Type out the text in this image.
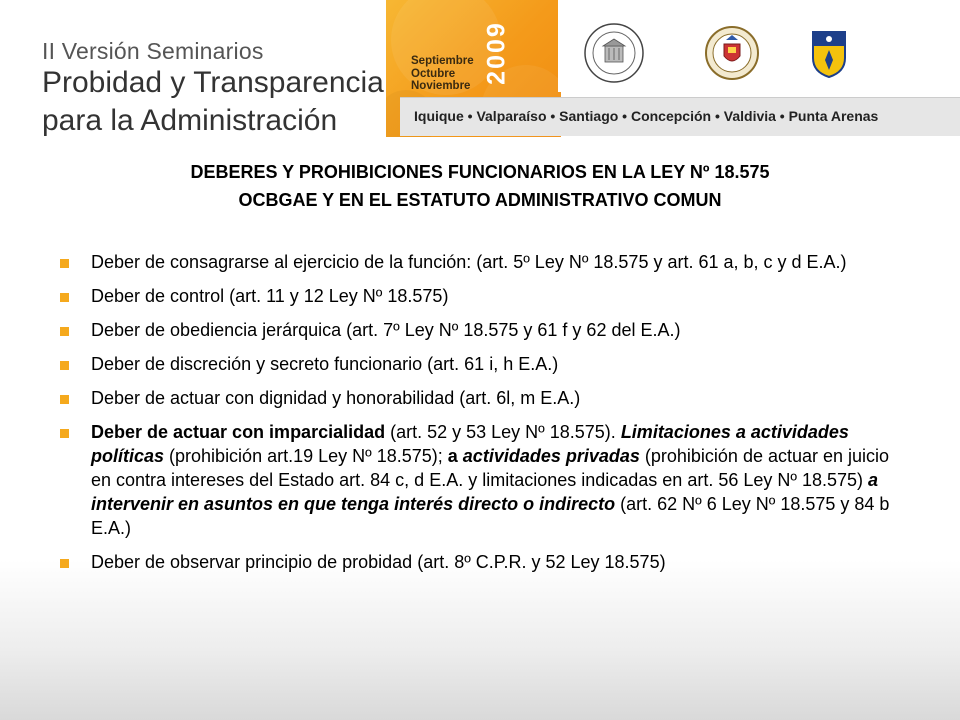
II Versión Seminarios
Probidad y Transparencia
para la Administración
Septiembre
Octubre
Noviembre
2009
Iquique • Valparaíso • Santiago • Concepción • Valdivia • Punta Arenas
DEBERES Y PROHIBICIONES FUNCIONARIOS EN LA LEY Nº 18.575
OCBGAE Y EN EL ESTATUTO ADMINISTRATIVO COMUN
Deber de consagrarse al ejercicio de la función: (art. 5º Ley Nº 18.575 y art. 61 a, b, c y d E.A.)
Deber de control (art. 11 y 12 Ley Nº 18.575)
Deber de obediencia jerárquica (art. 7º Ley Nº 18.575 y 61 f y 62 del E.A.)
Deber de discreción y secreto funcionario (art. 61 i, h E.A.)
Deber de actuar con dignidad y honorabilidad (art. 6l, m E.A.)
Deber de actuar con imparcialidad (art. 52 y 53 Ley Nº 18.575). Limitaciones a actividades políticas (prohibición art.19 Ley Nº 18.575); a actividades privadas (prohibición de actuar en juicio en contra intereses del Estado art. 84 c, d E.A. y limitaciones indicadas en art. 56 Ley Nº 18.575) a intervenir en asuntos en que tenga interés directo o indirecto (art. 62 Nº 6 Ley Nº 18.575 y 84 b E.A.)
Deber de observar principio de probidad (art. 8º C.P.R. y 52 Ley 18.575)
